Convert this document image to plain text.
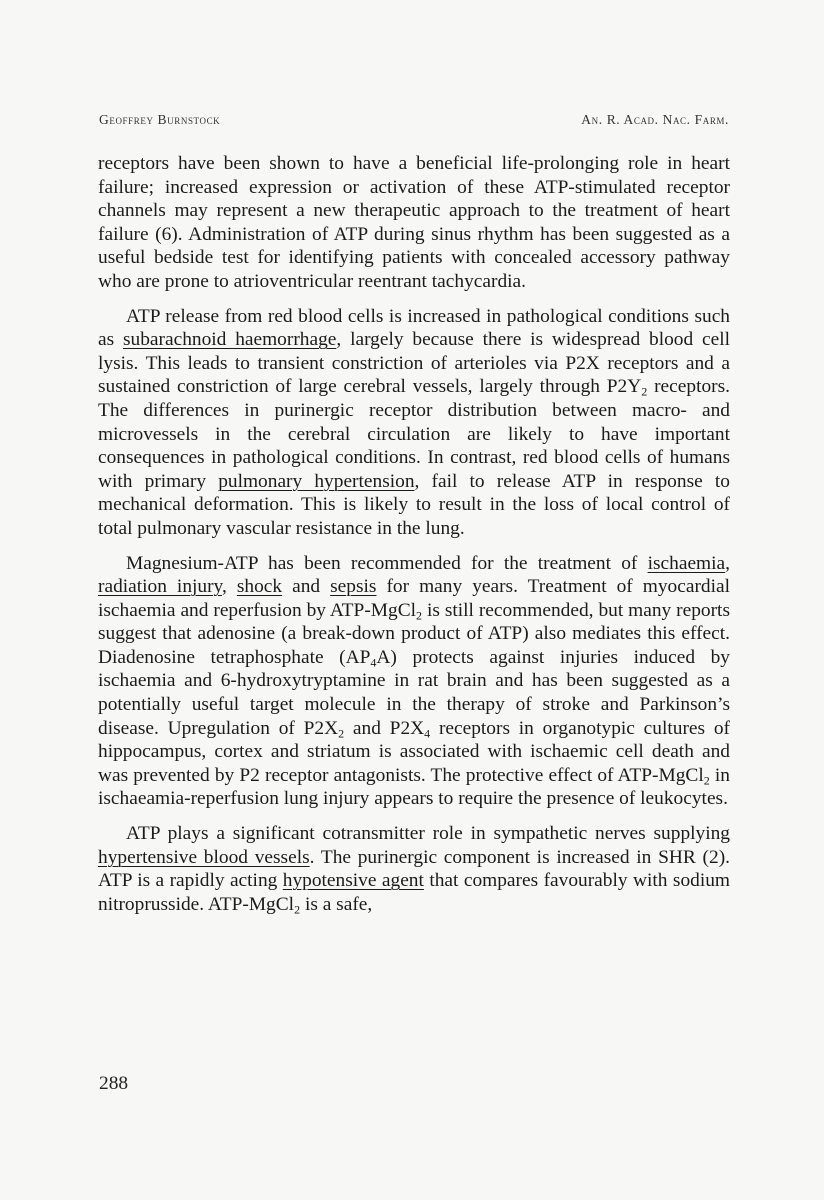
Geoffrey Burnstock	An. R. Acad. Nac. Farm.

receptors have been shown to have a beneficial life-prolonging role in heart failure; increased expression or activation of these ATP-stimulated receptor channels may represent a new therapeutic approach to the treatment of heart failure (6). Administration of ATP during sinus rhythm has been suggested as a useful bedside test for identifying patients with concealed accessory pathway who are prone to atrioventricular reentrant tachycardia.

ATP release from red blood cells is increased in pathological conditions such as subarachnoid haemorrhage, largely because there is widespread blood cell lysis. This leads to transient constriction of arterioles via P2X receptors and a sustained constriction of large cerebral vessels, largely through $P2Y_2$ receptors. The differences in purinergic receptor distribution between macro- and microvessels in the cerebral circulation are likely to have important consequences in pathological conditions. In contrast, red blood cells of humans with primary pulmonary hypertension, fail to release ATP in response to mechanical deformation. This is likely to result in the loss of local control of total pulmonary vascular resistance in the lung.

Magnesium-ATP has been recommended for the treatment of ischaemia, radiation injury, shock and sepsis for many years. Treatment of myocardial ischaemia and reperfusion by ATP-MgCl$_2$ is still recommended, but many reports suggest that adenosine (a break-down product of ATP) also mediates this effect. Diadenosine tetraphosphate $(AP_4A)$ protects against injuries induced by ischaemia and 6-hydroxytryptamine in rat brain and has been suggested as a potentially useful target molecule in the therapy of stroke and Parkinson’s disease. Upregulation of $P2X_2$ and $P2X_4$ receptors in organotypic cultures of hippocampus, cortex and striatum is associated with ischaemic cell death and was prevented by P2 receptor antagonists. The protective effect of ATP-MgCl$_2$ in ischaeamia-reperfusion lung injury appears to require the presence of leukocytes.

ATP plays a significant cotransmitter role in sympathetic nerves supplying hypertensive blood vessels. The purinergic component is increased in SHR (2). ATP is a rapidly acting hypotensive agent that compares favourably with sodium nitroprusside. ATP-MgCl$_2$ is a safe,

288
